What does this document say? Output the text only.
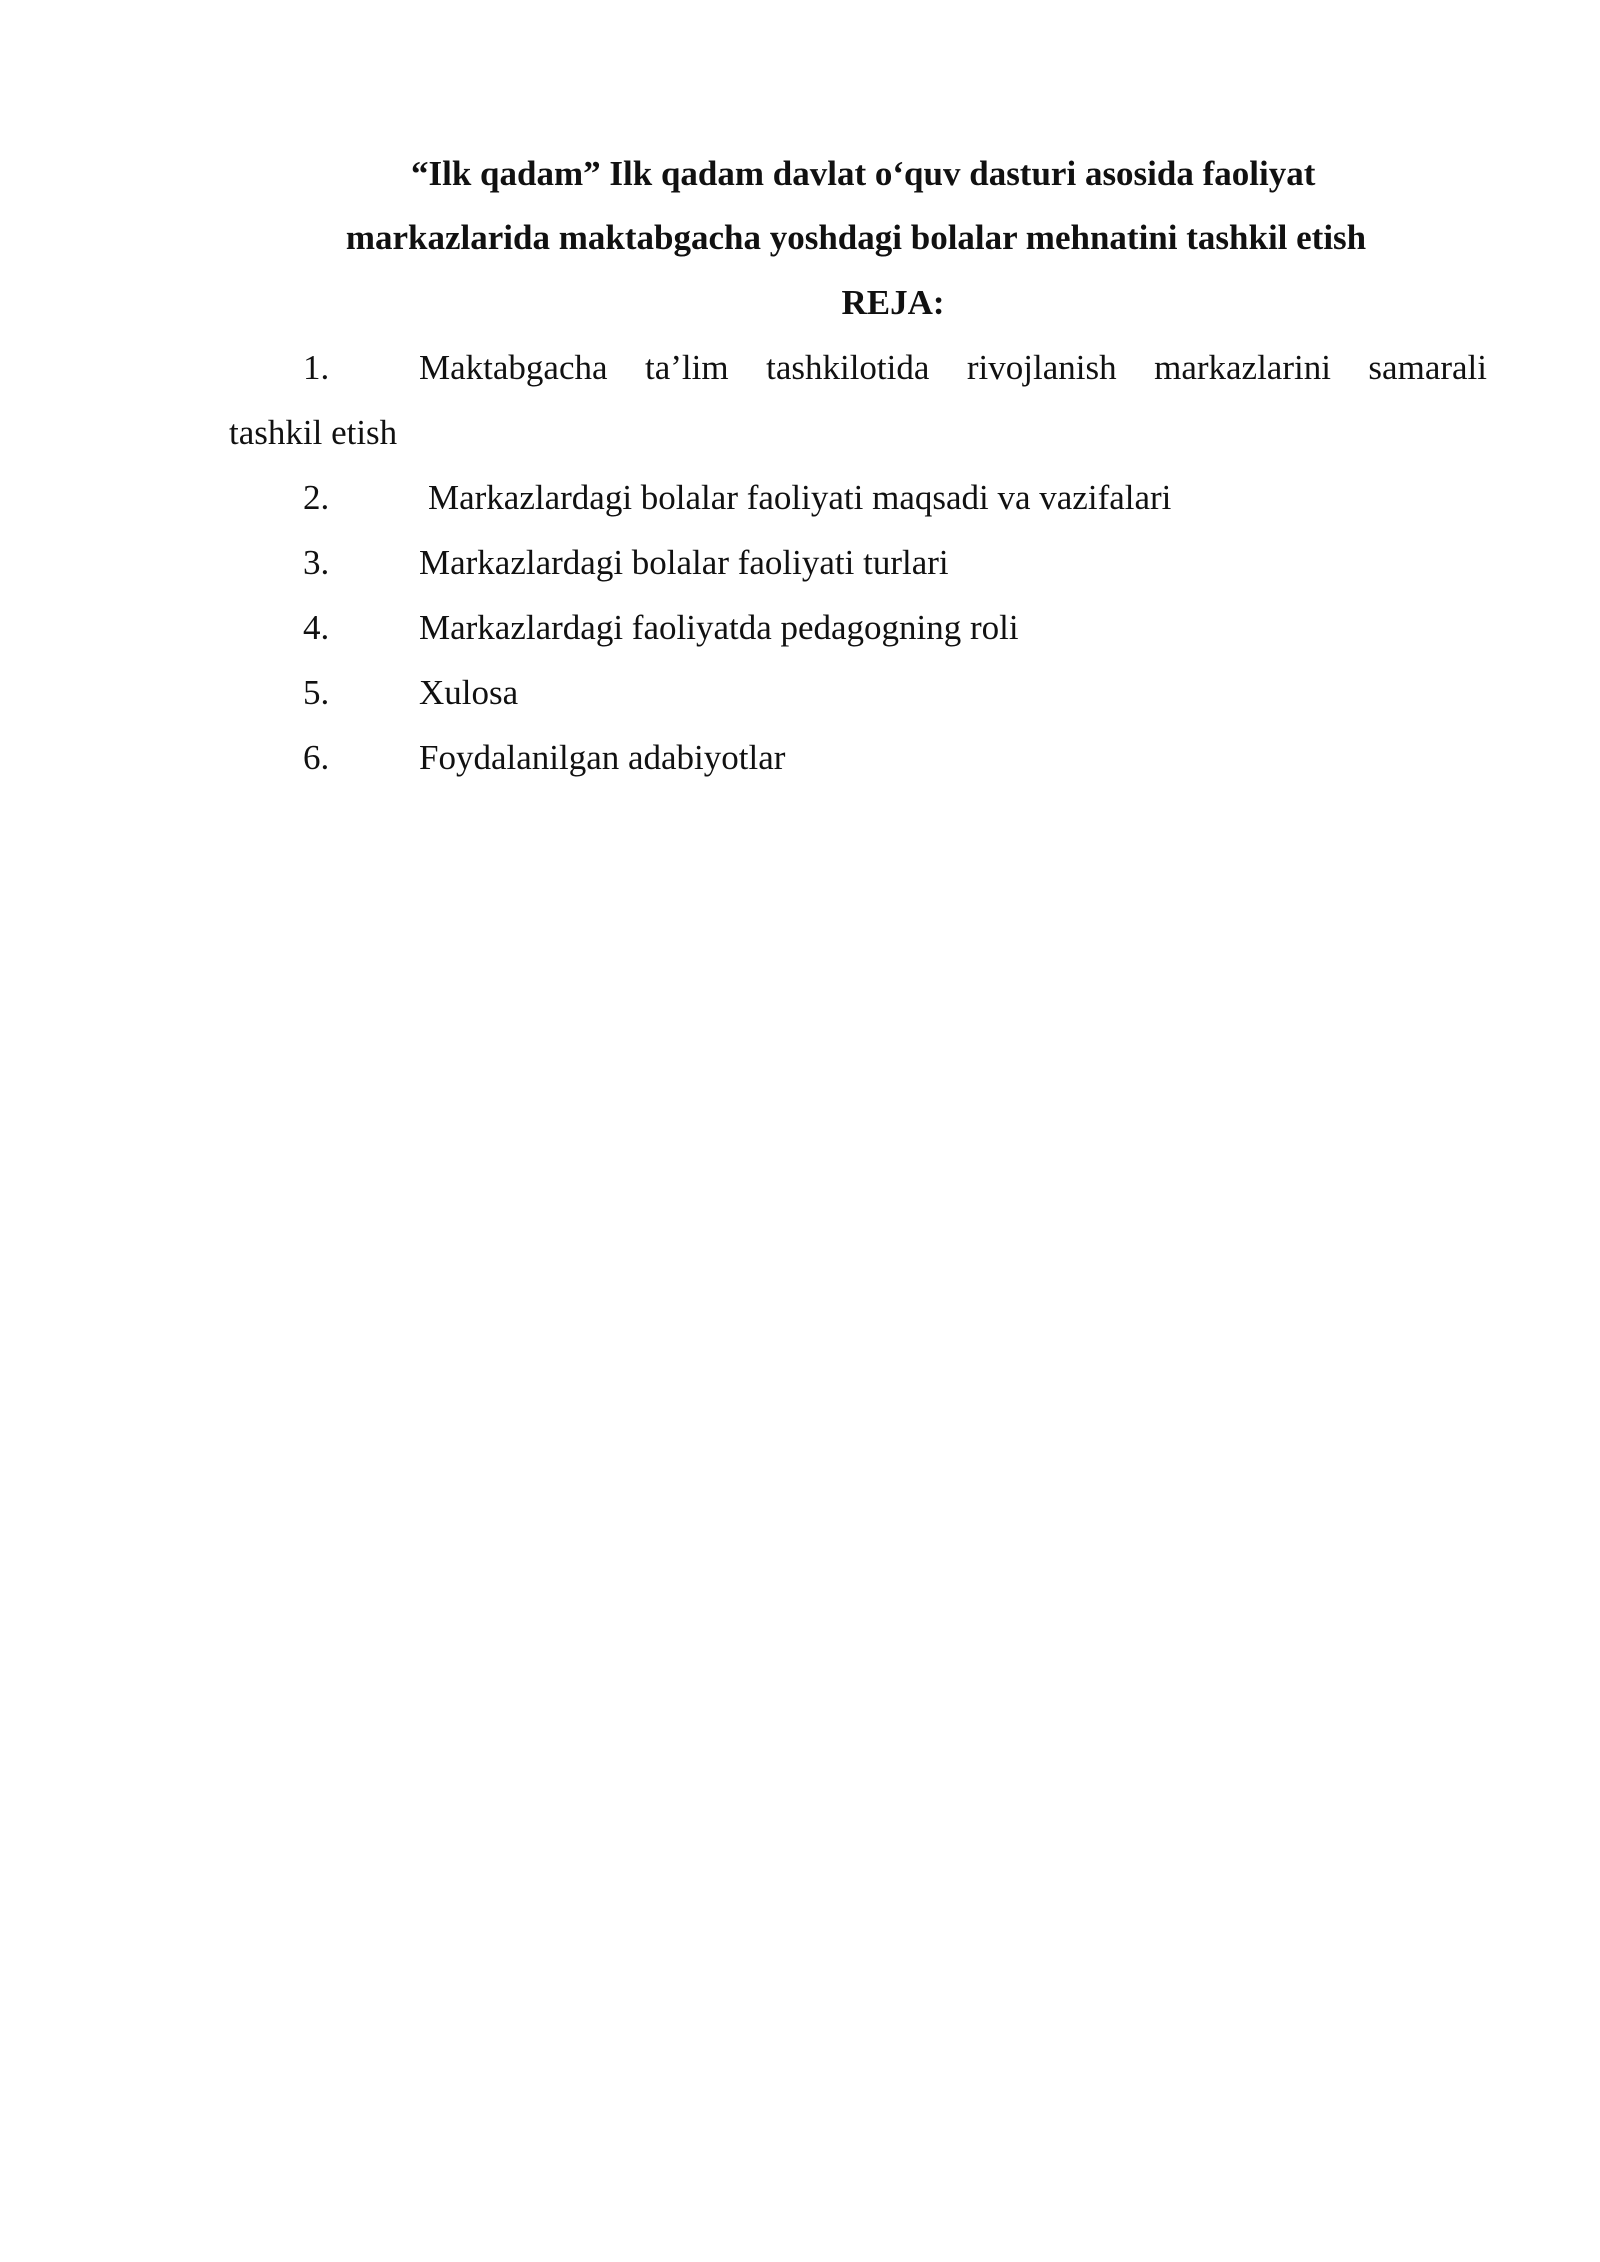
“Ilk qadam” Ilk qadam davlat o‘quv dasturi asosida faoliyat
markazlarida maktabgacha yoshdagi bolalar mehnatini tashkil etish
REJA:
1.	Maktabgacha ta’lim tashkilotida rivojlanish markazlarini samarali
tashkil etish
2.	Markazlardagi bolalar faoliyati maqsadi va vazifalari
3.	Markazlardagi bolalar faoliyati turlari
4.	Markazlardagi faoliyatda pedagogning roli
5.	Xulosa
6.	Foydalanilgan adabiyotlar
